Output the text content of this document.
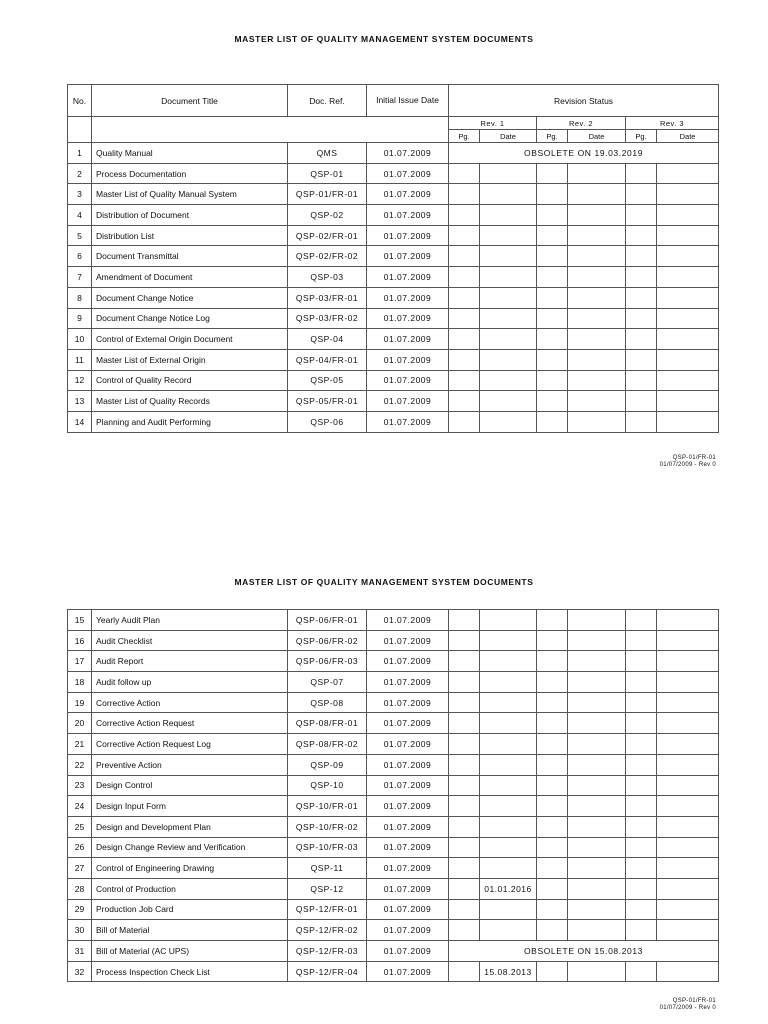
MASTER LIST OF QUALITY MANAGEMENT SYSTEM DOCUMENTS
No.	Document Title	Doc. Ref.	Initial Issue Date	Revision Status					
				Rev. 1		Rev. 2		Rev. 3	
				Pg.	Date	Pg.	Date	Pg.	Date
1	Quality Manual	QMS	01.07.2009	OBSOLETE ON 19.03.2019					
2	Process Documentation	QSP-01	01.07.2009						
3	Master List of Quality Manual System	QSP-01/FR-01	01.07.2009						
4	Distribution of Document	QSP-02	01.07.2009						
5	Distribution List	QSP-02/FR-01	01.07.2009						
6	Document Transmittal	QSP-02/FR-02	01.07.2009						
7	Amendment of Document	QSP-03	01.07.2009						
8	Document Change Notice	QSP-03/FR-01	01.07.2009						
9	Document Change Notice Log	QSP-03/FR-02	01.07.2009						
10	Control of External Origin Document	QSP-04	01.07.2009						
11	Master List of External Origin	QSP-04/FR-01	01.07.2009						
12	Control of Quality Record	QSP-05	01.07.2009						
13	Master List of Quality Records	QSP-05/FR-01	01.07.2009						
14	Planning and Audit Performing	QSP-06	01.07.2009						
QSP-01/FR-01
01/07/2009 - Rev 0
MASTER LIST OF QUALITY MANAGEMENT SYSTEM DOCUMENTS
15	Yearly Audit Plan	QSP-06/FR-01	01.07.2009						
16	Audit Checklist	QSP-06/FR-02	01.07.2009						
17	Audit Report	QSP-06/FR-03	01.07.2009						
18	Audit follow up	QSP-07	01.07.2009						
19	Corrective Action	QSP-08	01.07.2009						
20	Corrective Action Request	QSP-08/FR-01	01.07.2009						
21	Corrective Action Request Log	QSP-08/FR-02	01.07.2009						
22	Preventive Action	QSP-09	01.07.2009						
23	Design Control	QSP-10	01.07.2009						
24	Design Input Form	QSP-10/FR-01	01.07.2009						
25	Design and Development Plan	QSP-10/FR-02	01.07.2009						
26	Design Change Review and Verification	QSP-10/FR-03	01.07.2009						
27	Control of Engineering Drawing	QSP-11	01.07.2009						
28	Control of Production	QSP-12	01.07.2009		01.01.2016				
29	Production Job Card	QSP-12/FR-01	01.07.2009						
30	Bill of Material	QSP-12/FR-02	01.07.2009						
31	Bill of Material (AC UPS)	QSP-12/FR-03	01.07.2009	OBSOLETE ON 15.08.2013					
32	Process Inspection Check List	QSP-12/FR-04	01.07.2009		15.08.2013				
QSP-01/FR-01
01/07/2009 - Rev 0
